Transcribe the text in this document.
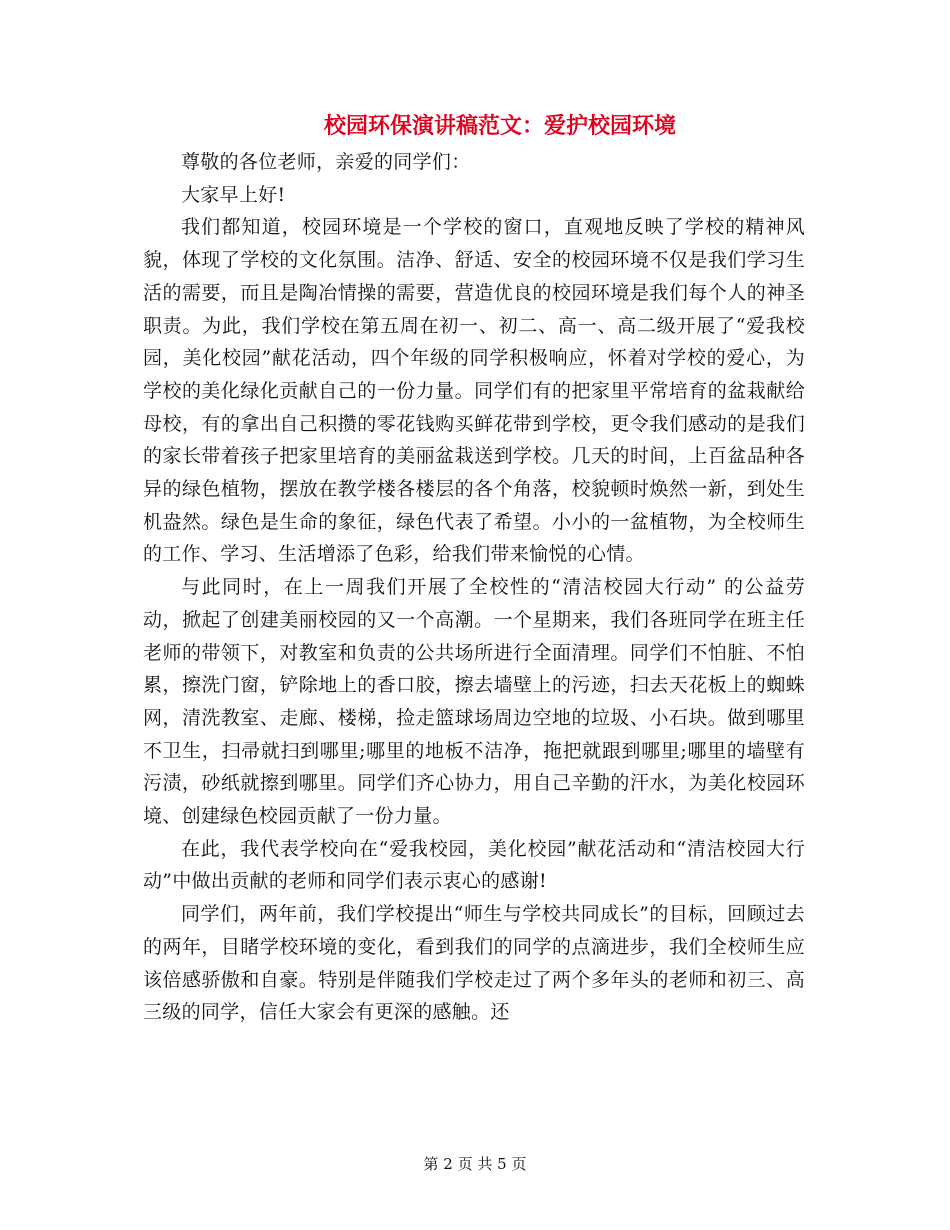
校园环保演讲稿范文：爱护校园环境

尊敬的各位老师，亲爱的同学们：

大家早上好!

我们都知道，校园环境是一个学校的窗口，直观地反映了学校的精神风貌，体现了学校的文化氛围。洁净、舒适、安全的校园环境不仅是我们学习生活的需要，而且是陶冶情操的需要，营造优良的校园环境是我们每个人的神圣职责。为此，我们学校在第五周在初一、初二、高一、高二级开展了“爱我校园，美化校园”献花活动，四个年级的同学积极响应，怀着对学校的爱心，为学校的美化绿化贡献自己的一份力量。同学们有的把家里平常培育的盆栽献给母校，有的拿出自己积攒的零花钱购买鲜花带到学校，更令我们感动的是我们的家长带着孩子把家里培育的美丽盆栽送到学校。几天的时间，上百盆品种各异的绿色植物，摆放在教学楼各楼层的各个角落，校貌顿时焕然一新，到处生机盎然。绿色是生命的象征，绿色代表了希望。小小的一盆植物，为全校师生的工作、学习、生活增添了色彩，给我们带来愉悦的心情。

与此同时，在上一周我们开展了全校性的“清洁校园大行动” 的公益劳动，掀起了创建美丽校园的又一个高潮。一个星期来，我们各班同学在班主任老师的带领下，对教室和负责的公共场所进行全面清理。同学们不怕脏、不怕累，擦洗门窗，铲除地上的香口胶，擦去墙壁上的污迹，扫去天花板上的蜘蛛网，清洗教室、走廊、楼梯，捡走篮球场周边空地的垃圾、小石块。做到哪里不卫生，扫帚就扫到哪里;哪里的地板不洁净，拖把就跟到哪里;哪里的墙壁有污渍，砂纸就擦到哪里。同学们齐心协力，用自己辛勤的汗水，为美化校园环境、创建绿色校园贡献了一份力量。

在此，我代表学校向在“爱我校园，美化校园”献花活动和“清洁校园大行动”中做出贡献的老师和同学们表示衷心的感谢!

同学们，两年前，我们学校提出“师生与学校共同成长”的目标，回顾过去的两年，目睹学校环境的变化，看到我们的同学的点滴进步，我们全校师生应该倍感骄傲和自豪。特别是伴随我们学校走过了两个多年头的老师和初三、高三级的同学，信任大家会有更深的感触。还

第 2 页 共 5 页
